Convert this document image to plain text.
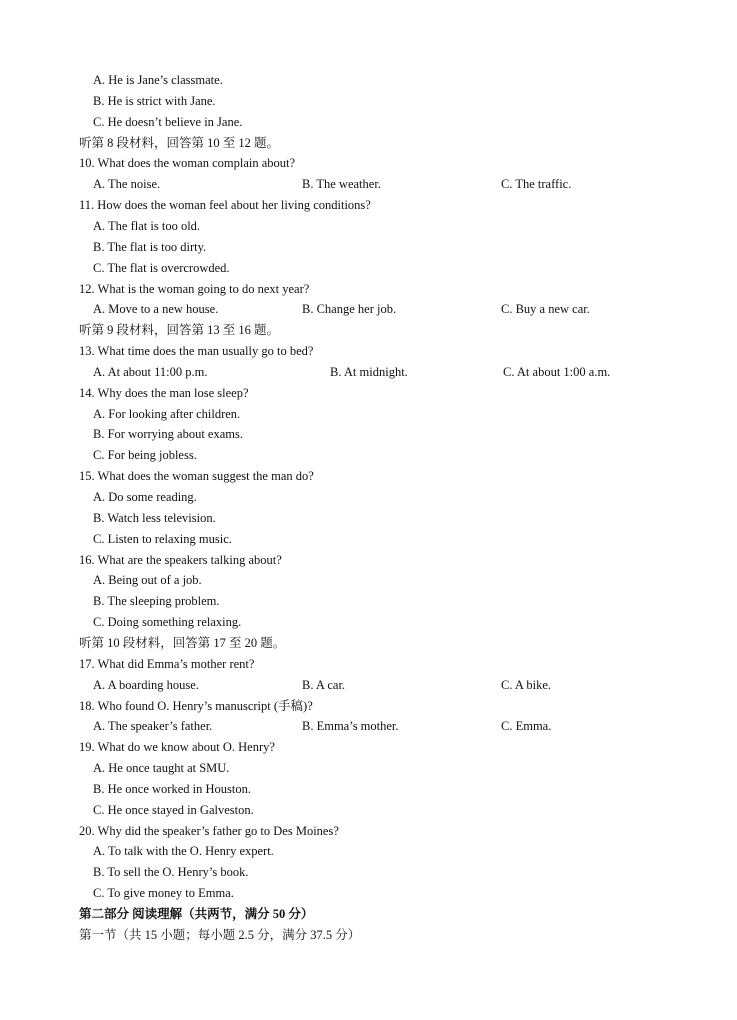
A. He is Jane’s classmate.
B. He is strict with Jane.
C. He doesn’t believe in Jane.
听第 8 段材料，回答第 10 至 12 题。
10. What does the woman complain about?
A. The noise.	B. The weather.	C. The traffic.
11. How does the woman feel about her living conditions?
A. The flat is too old.
B. The flat is too dirty.
C. The flat is overcrowded.
12. What is the woman going to do next year?
A. Move to a new house.	B. Change her job.	C. Buy a new car.
听第 9 段材料，回答第 13 至 16 题。
13. What time does the man usually go to bed?
A. At about 11:00 p.m.	B. At midnight.	C. At about 1:00 a.m.
14. Why does the man lose sleep?
A. For looking after children.
B. For worrying about exams.
C. For being jobless.
15. What does the woman suggest the man do?
A. Do some reading.
B. Watch less television.
C. Listen to relaxing music.
16. What are the speakers talking about?
A. Being out of a job.
B. The sleeping problem.
C. Doing something relaxing.
听第 10 段材料，回答第 17 至 20 题。
17. What did Emma’s mother rent?
A. A boarding house.	B. A car.	C. A bike.
18. Who found O. Henry’s manuscript (手稿)?
A. The speaker’s father.	B. Emma’s mother.	C. Emma.
19. What do we know about O. Henry?
A. He once taught at SMU.
B. He once worked in Houston.
C. He once stayed in Galveston.
20. Why did the speaker’s father go to Des Moines?
A. To talk with the O. Henry expert.
B. To sell the O. Henry’s book.
C. To give money to Emma.
第二部分 阅读理解（共两节，满分 50 分）
第一节（共 15 小题；每小题 2.5 分，满分 37.5 分）
